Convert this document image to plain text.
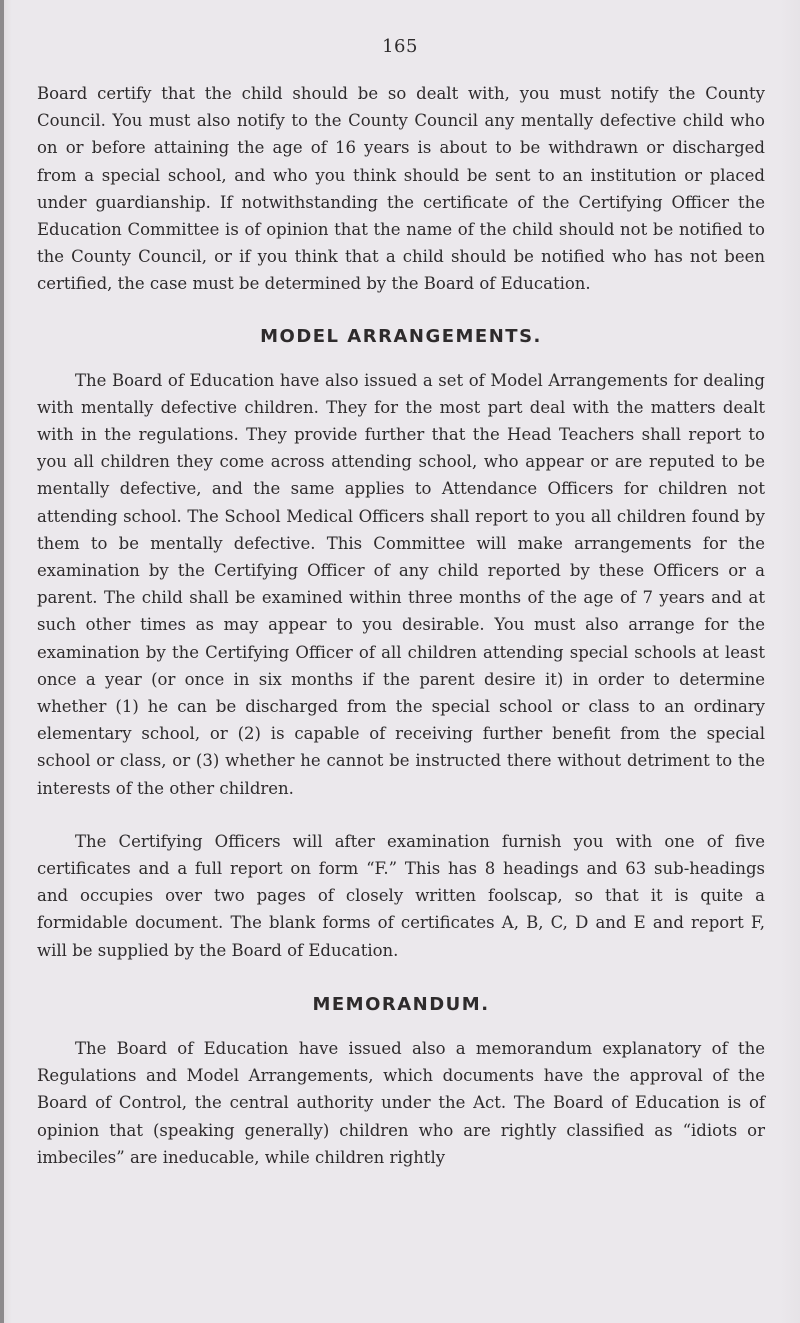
165

Board certify that the child should be so dealt with, you must notify the County Council. You must also notify to the County Council any mentally defective child who on or before attaining the age of 16 years is about to be withdrawn or discharged from a special school, and who you think should be sent to an institution or placed under guardianship. If notwithstanding the certificate of the Certifying Officer the Education Committee is of opinion that the name of the child should not be notified to the County Council, or if you think that a child should be notified who has not been certified, the case must be determined by the Board of Education.

MODEL ARRANGEMENTS.

The Board of Education have also issued a set of Model Arrangements for dealing with mentally defective children. They for the most part deal with the matters dealt with in the regulations. They provide further that the Head Teachers shall report to you all children they come across attending school, who appear or are reputed to be mentally defective, and the same applies to Attendance Officers for children not attending school. The School Medical Officers shall report to you all children found by them to be mentally defective. This Committee will make arrangements for the examination by the Certifying Officer of any child reported by these Officers or a parent. The child shall be examined within three months of the age of 7 years and at such other times as may appear to you desirable. You must also arrange for the examination by the Certifying Officer of all children attending special schools at least once a year (or once in six months if the parent desire it) in order to determine whether (1) he can be discharged from the special school or class to an ordinary elementary school, or (2) is capable of receiving further benefit from the special school or class, or (3) whether he cannot be instructed there without detriment to the interests of the other children.

The Certifying Officers will after examination furnish you with one of five certificates and a full report on form “F.” This has 8 headings and 63 sub-headings and occupies over two pages of closely written foolscap, so that it is quite a formidable document. The blank forms of certificates A, B, C, D and E and report F, will be supplied by the Board of Education.

MEMORANDUM.

The Board of Education have issued also a memorandum explanatory of the Regulations and Model Arrangements, which documents have the approval of the Board of Control, the central authority under the Act. The Board of Education is of opinion that (speaking generally) children who are rightly classified as “idiots or imbeciles” are ineducable, while children rightly
